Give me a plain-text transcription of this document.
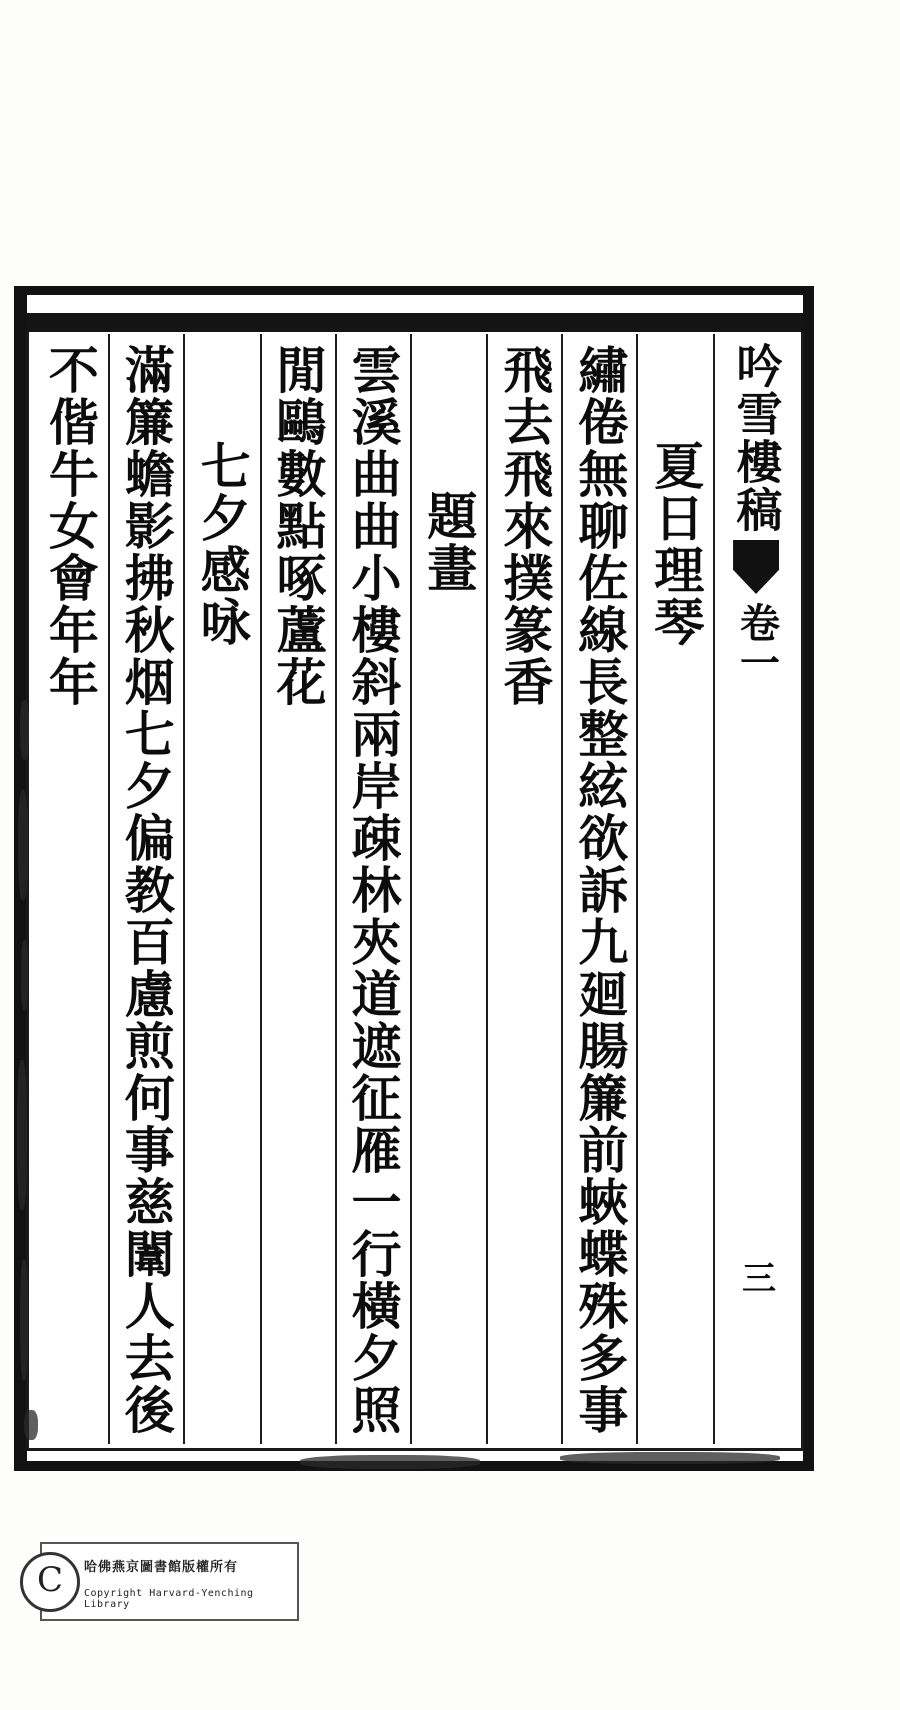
吟雪樓稿
卷一
三
夏日理琴
繡倦無聊佐線長整絃欲訴九廻腸簾前蛺蝶殊多事
飛去飛來撲篆香
題畫
雲溪曲曲小樓斜兩岸疎林夾道遮征雁一行橫夕照
閒鷗數點啄蘆花
七夕感咏
滿簾蟾影拂秋烟七夕偏教百慮煎何事慈闈人去後
不偕牛女會年年
C	哈佛燕京圖書館版權所有
Copyright Harvard-Yenching Library
